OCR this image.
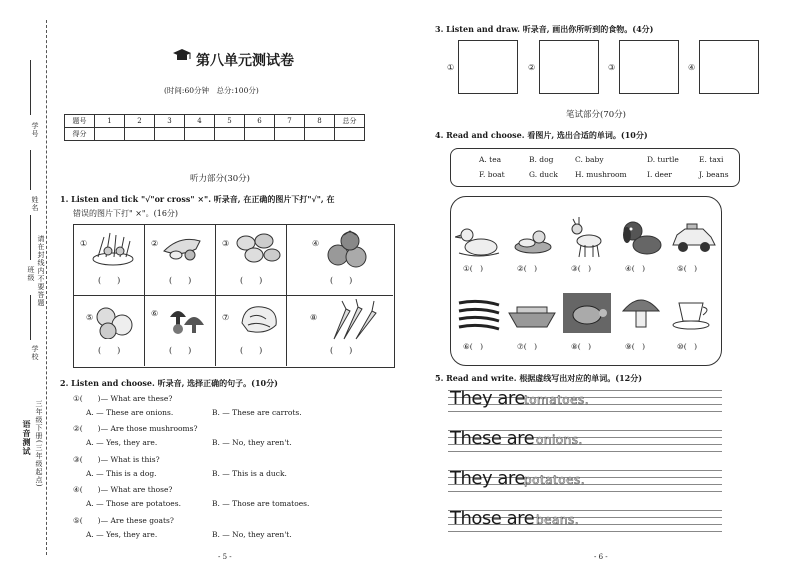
学号
姓名
请在封线内不要答题
班级
学校
语音测试 三年级下册(三年级起点)
第八单元测试卷
(时间:60分钟　总分:100分)
题号	1	2	3	4	5	6	7	8	总分
得分									
听力部分(30分)
1. Listen and tick "√"or cross" ×". 听录音, 在正确的图片下打"√", 在
错误的图片下打" ×"。(16分)
①	②	③	④
⑤	⑥	⑦	⑧
(　　)	(　　)	(　　)	(　　)
(　　)	(　　)	(　　)	(　　)
2. Listen and choose. 听录音, 选择正确的句子。(10分)
①(　　)— What are these?
A. — These are onions.	B. — These are carrots.
②(　　)— Are those mushrooms?
A. — Yes, they are.	B. — No, they aren't.
③(　　)— What is this?
A. — This is a dog.	B. — This is a duck.
④(　　)— What are those?
A. — Those are potatoes.	B. — Those are tomatoes.
⑤(　　)— Are these goats?
A. — Yes, they are.	B. — No, they aren't.
- 5 -
3. Listen and draw. 听录音, 画出你所听到的食物。(4分)
①	②	③	④
笔试部分(70分)
4. Read and choose. 看图片, 选出合适的单词。(10分)
A. tea	B. dog	C. baby	D. turtle	E. taxi
F. boat	G. duck H. mushroom	I. deer	J. beans
①(　)	②(　)	③(　)	④(　)	⑤(　)
⑥(　)	⑦(　)	⑧(　)	⑨(　)	⑩(　)
5. Read and write. 根据虚线写出对应的单词。(12分)
They are tomatoes.
These are onions.
They are potatoes.
Those are beans.
- 6 -
